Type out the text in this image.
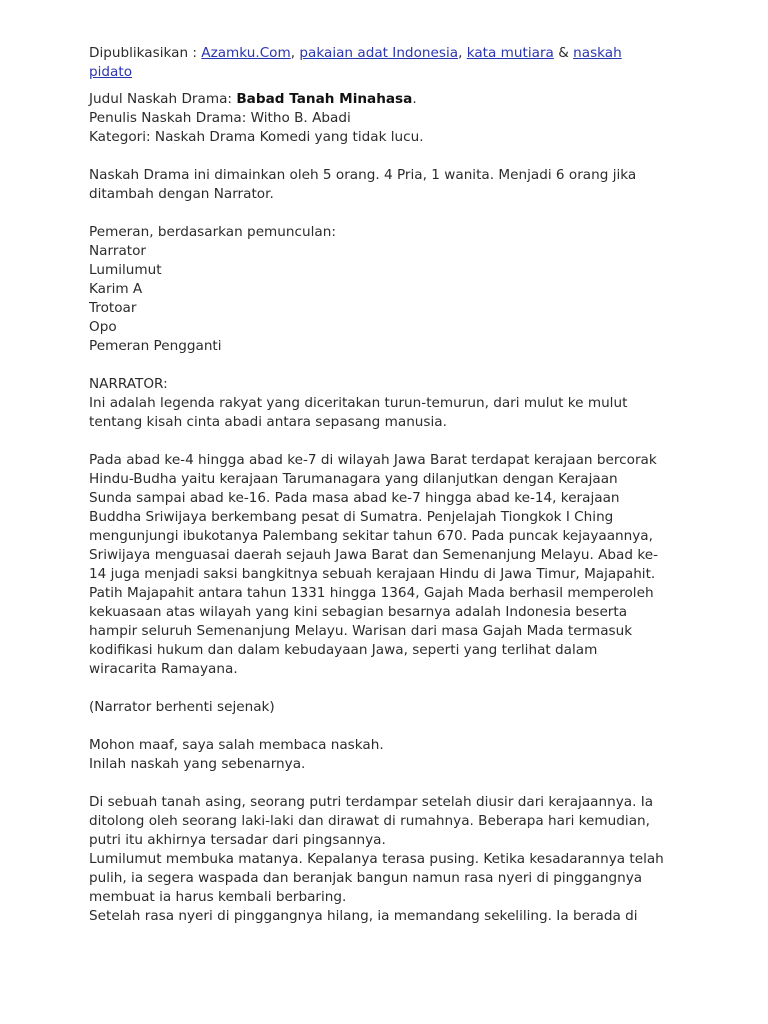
Dipublikasikan : Azamku.Com, pakaian adat Indonesia, kata mutiara & naskah
pidato
Judul Naskah Drama: Babad Tanah Minahasa.
Penulis Naskah Drama: Witho B. Abadi
Kategori: Naskah Drama Komedi yang tidak lucu.
Naskah Drama ini dimainkan oleh 5 orang. 4 Pria, 1 wanita. Menjadi 6 orang jika
ditambah dengan Narrator.
Pemeran, berdasarkan pemunculan:
Narrator
Lumilumut
Karim A
Trotoar
Opo
Pemeran Pengganti
NARRATOR:
Ini adalah legenda rakyat yang diceritakan turun-temurun, dari mulut ke mulut
tentang kisah cinta abadi antara sepasang manusia.
Pada abad ke-4 hingga abad ke-7 di wilayah Jawa Barat terdapat kerajaan bercorak
Hindu-Budha yaitu kerajaan Tarumanagara yang dilanjutkan dengan Kerajaan
Sunda sampai abad ke-16. Pada masa abad ke-7 hingga abad ke-14, kerajaan
Buddha Sriwijaya berkembang pesat di Sumatra. Penjelajah Tiongkok I Ching
mengunjungi ibukotanya Palembang sekitar tahun 670. Pada puncak kejayaannya,
Sriwijaya menguasai daerah sejauh Jawa Barat dan Semenanjung Melayu. Abad ke-
14 juga menjadi saksi bangkitnya sebuah kerajaan Hindu di Jawa Timur, Majapahit.
Patih Majapahit antara tahun 1331 hingga 1364, Gajah Mada berhasil memperoleh
kekuasaan atas wilayah yang kini sebagian besarnya adalah Indonesia beserta
hampir seluruh Semenanjung Melayu. Warisan dari masa Gajah Mada termasuk
kodifikasi hukum dan dalam kebudayaan Jawa, seperti yang terlihat dalam
wiracarita Ramayana.
(Narrator berhenti sejenak)
Mohon maaf, saya salah membaca naskah.
Inilah naskah yang sebenarnya.
Di sebuah tanah asing, seorang putri terdampar setelah diusir dari kerajaannya. Ia
ditolong oleh seorang laki-laki dan dirawat di rumahnya. Beberapa hari kemudian,
putri itu akhirnya tersadar dari pingsannya.
Lumilumut membuka matanya. Kepalanya terasa pusing. Ketika kesadarannya telah
pulih, ia segera waspada dan beranjak bangun namun rasa nyeri di pinggangnya
membuat ia harus kembali berbaring.
Setelah rasa nyeri di pinggangnya hilang, ia memandang sekeliling. Ia berada di
